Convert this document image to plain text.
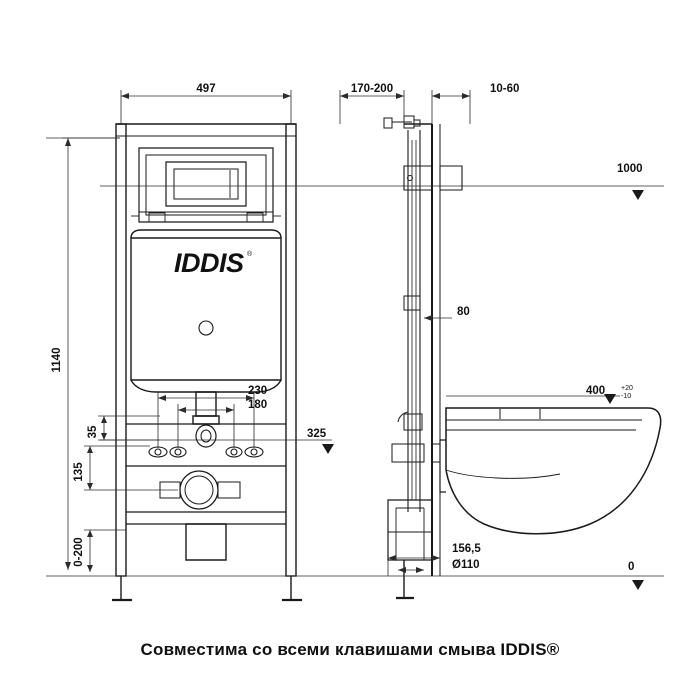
497	170-200	10-60
1140
35
135
0-200
230
180
325
1000
80
400 +20
-10
156,5
Ø110	0
IDDIS ®
Совместима со всеми клавишами смыва IDDIS®
